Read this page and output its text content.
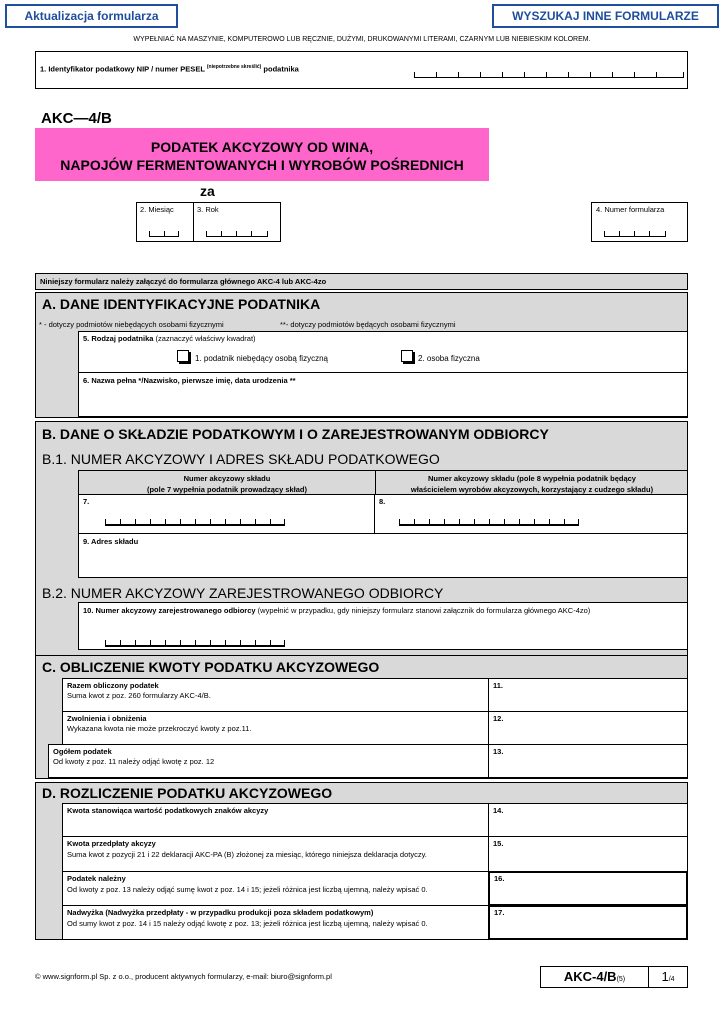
Aktualizacja formularza	WYSZUKAJ INNE FORMULARZE
WYPEŁNIAĆ NA MASZYNIE, KOMPUTEROWO LUB RĘCZNIE, DUŻYMI, DRUKOWANYMI LITERAMI, CZARNYM LUB NIEBIESKIM KOLOREM.
1. Identyfikator podatkowy NIP / numer PESEL $^{(niepotrzebne skreślić)}$ podatnika
AKC—4/B
PODATEK AKCYZOWY OD WINA,
NAPOJÓW FERMENTOWANYCH I WYROBÓW POŚREDNICH
za
2. Miesiąc	3. Rok	4. Numer formularza
Niniejszy formularz należy załączyć do formularza głównego AKC-4 lub AKC-4zo
A. DANE IDENTYFIKACYJNE PODATNIKA
* - dotyczy podmiotów niebędących osobami fizycznymi	**- dotyczy podmiotów będących osobami fizycznymi
5. Rodzaj podatnika (zaznaczyć właściwy kwadrat)
1. podatnik niebędący osobą fizyczną	2. osoba fizyczna
6. Nazwa pełna */Nazwisko, pierwsze imię, data urodzenia **
B. DANE O SKŁADZIE PODATKOWYM I O ZAREJESTROWANYM ODBIORCY
B.1. NUMER AKCYZOWY I ADRES SKŁADU PODATKOWEGO
B.2. NUMER AKCYZOWY ZAREJESTROWANEGO ODBIORCY
Numer akcyzowy składu
(pole 7 wypełnia podatnik prowadzący skład)
Numer akcyzowy składu (pole 8 wypełnia podatnik będący
właścicielem wyrobów akcyzowych, korzystający z cudzego składu)
7.	8.
9. Adres składu
10. Numer akcyzowy zarejestrowanego odbiorcy (wypełnić w przypadku, gdy niniejszy formularz stanowi załącznik do formularza głównego AKC-4zo)
C. OBLICZENIE KWOTY PODATKU AKCYZOWEGO
Razem obliczony podatek
Suma kwot z poz. 260 formularzy AKC-4/B.
11.
Zwolnienia i obniżenia
Wykazana kwota nie może przekroczyć kwoty z poz.11.
12.
Ogółem podatek
Od kwoty z poz. 11 należy odjąć kwotę z poz. 12
13.
D. ROZLICZENIE PODATKU AKCYZOWEGO
Kwota stanowiąca wartość podatkowych znaków akcyzy	14.
Kwota przedpłaty akcyzy
Suma kwot z pozycji 21 i 22 deklaracji AKC-PA (B) złożonej za miesiąc, którego niniejsza deklaracja dotyczy.
15.
Podatek należny
Od kwoty z poz. 13 należy odjąć sumę kwot z poz. 14 i 15; jeżeli różnica jest liczbą ujemną, należy wpisać 0.
16.
Nadwyżka (Nadwyżka przedpłaty - w przypadku produkcji poza składem podatkowym)
Od sumy kwot z poz. 14 i 15 należy odjąć kwotę z poz. 13; jeżeli różnica jest liczbą ujemną, należy wpisać 0.
17.
© www.signform.pl Sp. z o.o., producent aktywnych formularzy, e-mail: biuro@signform.pl	AKC-4/B(5)	1/4
